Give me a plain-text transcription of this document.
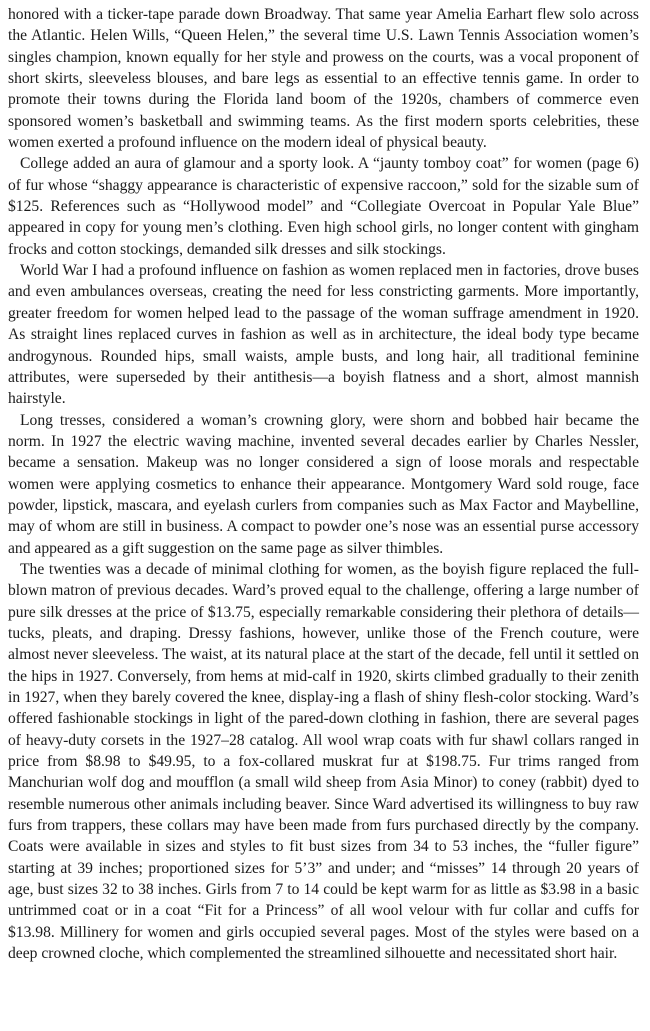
honored with a ticker-tape parade down Broadway. That same year Amelia Earhart flew solo across the Atlantic. Helen Wills, “Queen Helen,” the several time U.S. Lawn Tennis Association women’s singles champion, known equally for her style and prowess on the courts, was a vocal proponent of short skirts, sleeveless blouses, and bare legs as essential to an effective tennis game. In order to promote their towns during the Florida land boom of the 1920s, chambers of commerce even sponsored women’s basketball and swimming teams. As the first modern sports celebrities, these women exerted a profound influence on the modern ideal of physical beauty.

College added an aura of glamour and a sporty look. A “jaunty tomboy coat” for women (page 6) of fur whose “shaggy appearance is characteristic of expensive raccoon,” sold for the sizable sum of $125. References such as “Hollywood model” and “Collegiate Overcoat in Popular Yale Blue” appeared in copy for young men’s clothing. Even high school girls, no longer content with gingham frocks and cotton stockings, demanded silk dresses and silk stockings.

World War I had a profound influence on fashion as women replaced men in factories, drove buses and even ambulances overseas, creating the need for less constricting garments. More importantly, greater freedom for women helped lead to the passage of the woman suffrage amendment in 1920. As straight lines replaced curves in fashion as well as in architecture, the ideal body type became androgynous. Rounded hips, small waists, ample busts, and long hair, all traditional feminine attributes, were superseded by their antithesis—a boyish flatness and a short, almost mannish hairstyle.

Long tresses, considered a woman’s crowning glory, were shorn and bobbed hair became the norm. In 1927 the electric waving machine, invented several decades earlier by Charles Nessler, became a sensation. Makeup was no longer considered a sign of loose morals and respectable women were applying cosmetics to enhance their appearance. Montgomery Ward sold rouge, face powder, lipstick, mascara, and eyelash curlers from companies such as Max Factor and Maybelline, may of whom are still in business. A compact to powder one’s nose was an essential purse accessory and appeared as a gift suggestion on the same page as silver thimbles.

The twenties was a decade of minimal clothing for women, as the boyish figure replaced the full-blown matron of previous decades. Ward’s proved equal to the challenge, offering a large number of pure silk dresses at the price of $13.75, especially remarkable considering their plethora of details—tucks, pleats, and draping. Dressy fashions, however, unlike those of the French couture, were almost never sleeveless. The waist, at its natural place at the start of the decade, fell until it settled on the hips in 1927. Conversely, from hems at mid-calf in 1920, skirts climbed gradually to their zenith in 1927, when they barely covered the knee, display-ing a flash of shiny flesh-color stocking. Ward’s offered fashionable stockings in light of the pared-down clothing in fashion, there are several pages of heavy-duty corsets in the 1927–28 catalog. All wool wrap coats with fur shawl collars ranged in price from $8.98 to $49.95, to a fox-collared muskrat fur at $198.75. Fur trims ranged from Manchurian wolf dog and moufflon (a small wild sheep from Asia Minor) to coney (rabbit) dyed to resemble numerous other animals including beaver. Since Ward advertised its willingness to buy raw furs from trappers, these collars may have been made from furs purchased directly by the company. Coats were available in sizes and styles to fit bust sizes from 34 to 53 inches, the “fuller figure” starting at 39 inches; proportioned sizes for 5’3” and under; and “misses” 14 through 20 years of age, bust sizes 32 to 38 inches. Girls from 7 to 14 could be kept warm for as little as $3.98 in a basic untrimmed coat or in a coat “Fit for a Princess” of all wool velour with fur collar and cuffs for $13.98. Millinery for women and girls occupied several pages. Most of the styles were based on a deep crowned cloche, which complemented the streamlined silhouette and necessitated short hair.
